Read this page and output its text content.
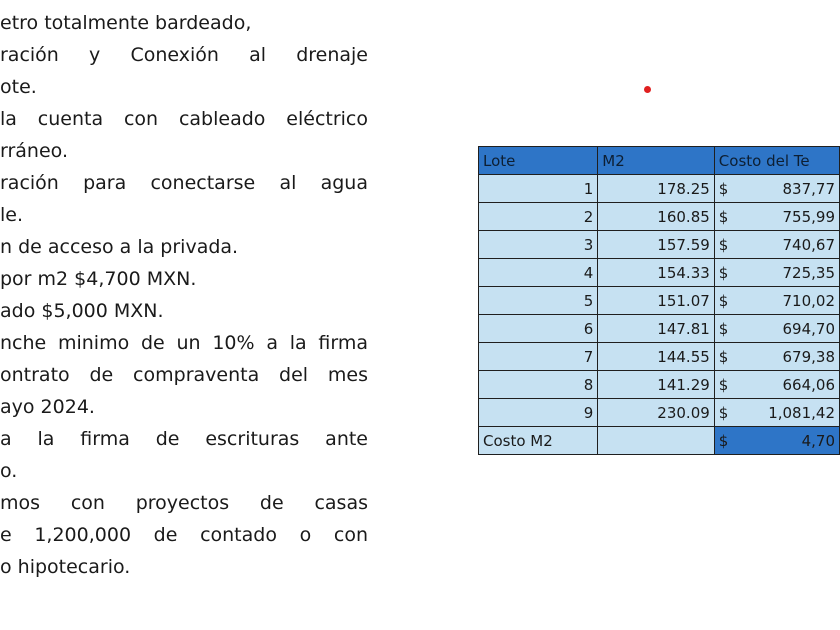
etro totalmente bardeado,
ración y Conexión al drenaje
ote.
la cuenta con cableado eléctrico
rráneo.
ración para conectarse al agua
le.
n de acceso a la privada.
por m2 $4,700 MXN.
ado $5,000 MXN.
nche minimo de un 10% a la firma
ontrato de compraventa del mes
ayo 2024.
a la firma de escrituras ante
o.
mos con proyectos de casas
e 1,200,000 de contado o con
o hipotecario.
Lote	M2	Costo del Te
1	178.25	$ 837,77

2	160.85	$ 755,99

3	157.59	$ 740,67

4	154.33	$ 725,35

5	151.07	$ 710,02

6	147.81	$ 694,70

7	144.55	$ 679,38

8	141.29	$ 664,06

9	230.09	$ 1,081,42

Costo M2		$ 4,70
